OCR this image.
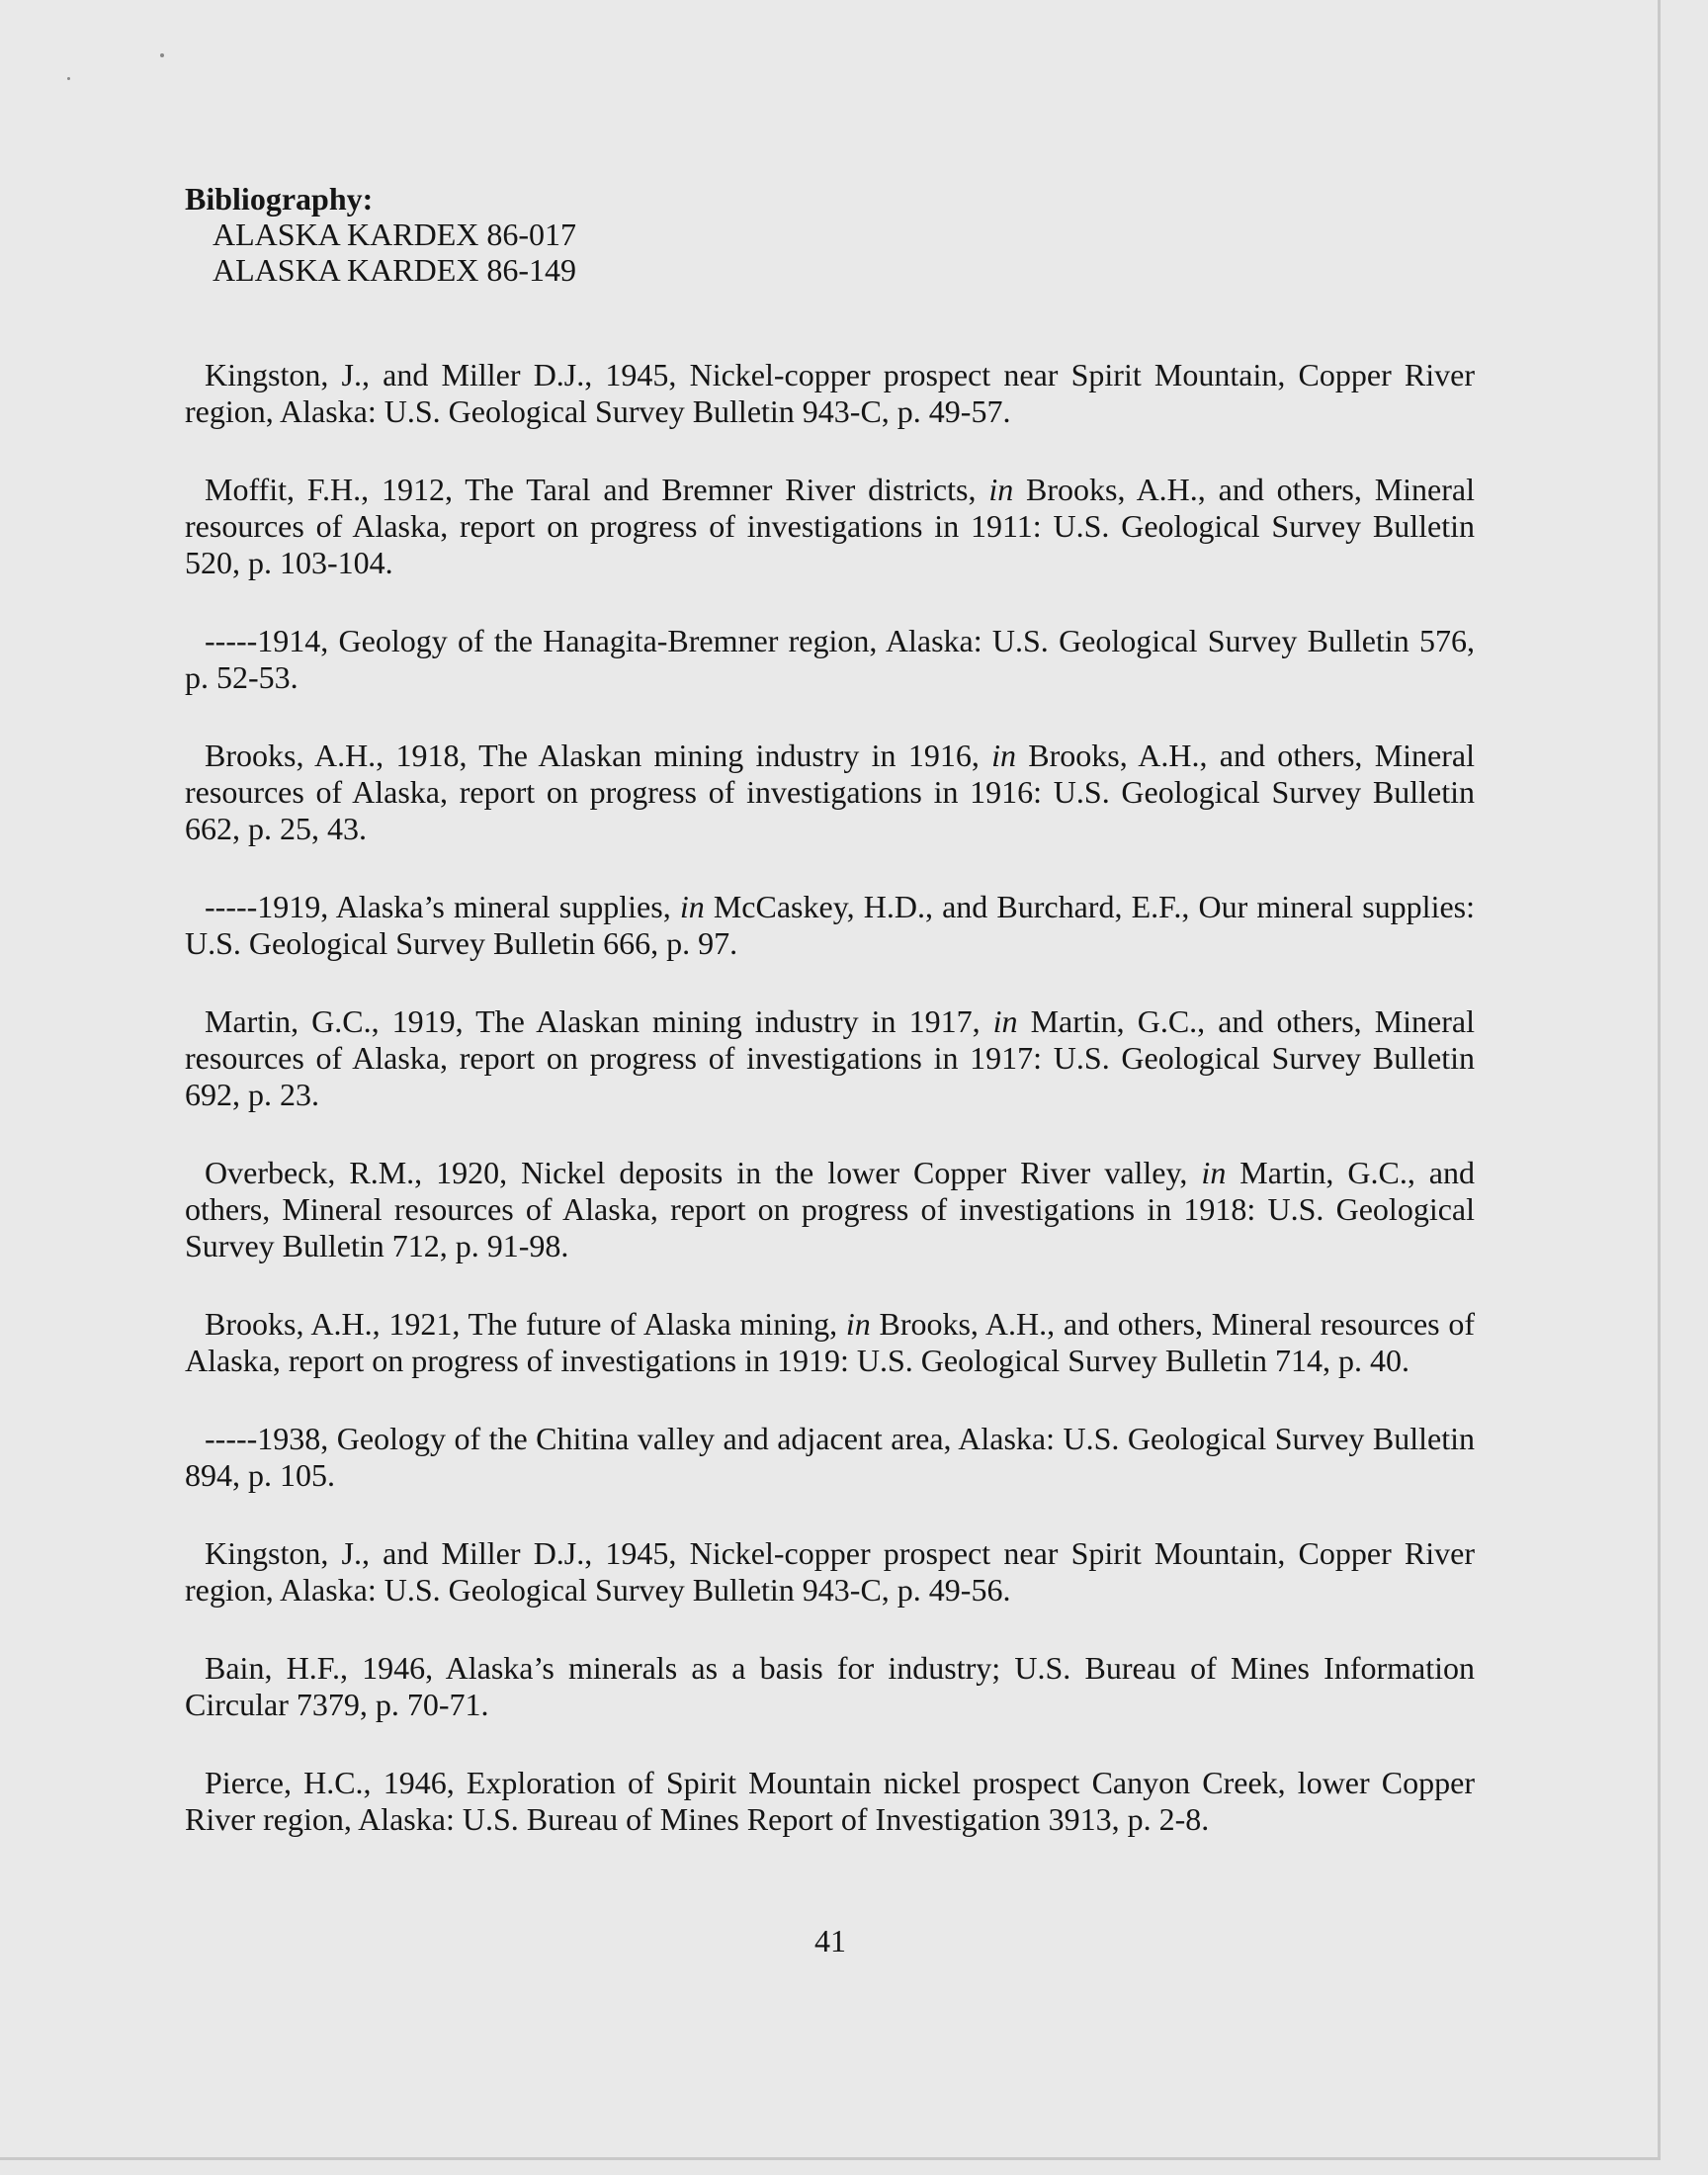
Bibliography:

ALASKA KARDEX 86-017

ALASKA KARDEX 86-149

Kingston, J., and Miller D.J., 1945, Nickel-copper prospect near Spirit Mountain, Copper River region, Alaska: U.S. Geological Survey Bulletin 943-C, p. 49-57.

Moffit, F.H., 1912, The Taral and Bremner River districts, in Brooks, A.H., and others, Mineral resources of Alaska, report on progress of investigations in 1911: U.S. Geological Survey Bulletin 520, p. 103-104.

-----1914, Geology of the Hanagita-Bremner region, Alaska: U.S. Geological Survey Bulletin 576, p. 52-53.

Brooks, A.H., 1918, The Alaskan mining industry in 1916, in Brooks, A.H., and others, Mineral resources of Alaska, report on progress of investigations in 1916: U.S. Geological Survey Bulletin 662, p. 25, 43.

-----1919, Alaska’s mineral supplies, in McCaskey, H.D., and Burchard, E.F., Our mineral supplies: U.S. Geological Survey Bulletin 666, p. 97.

Martin, G.C., 1919, The Alaskan mining industry in 1917, in Martin, G.C., and others, Mineral resources of Alaska, report on progress of investigations in 1917: U.S. Geological Survey Bulletin 692, p. 23.

Overbeck, R.M., 1920, Nickel deposits in the lower Copper River valley, in Martin, G.C., and others, Mineral resources of Alaska, report on progress of investigations in 1918: U.S. Geological Survey Bulletin 712, p. 91-98.

Brooks, A.H., 1921, The future of Alaska mining, in Brooks, A.H., and others, Mineral resources of Alaska, report on progress of investigations in 1919: U.S. Geological Survey Bulletin 714, p. 40.

-----1938, Geology of the Chitina valley and adjacent area, Alaska: U.S. Geological Survey Bulletin 894, p. 105.

Kingston, J., and Miller D.J., 1945, Nickel-copper prospect near Spirit Mountain, Copper River region, Alaska: U.S. Geological Survey Bulletin 943-C, p. 49-56.

Bain, H.F., 1946, Alaska’s minerals as a basis for industry; U.S. Bureau of Mines Information Circular 7379, p. 70-71.

Pierce, H.C., 1946, Exploration of Spirit Mountain nickel prospect Canyon Creek, lower Copper River region, Alaska: U.S. Bureau of Mines Report of Investigation 3913, p. 2-8.

41
